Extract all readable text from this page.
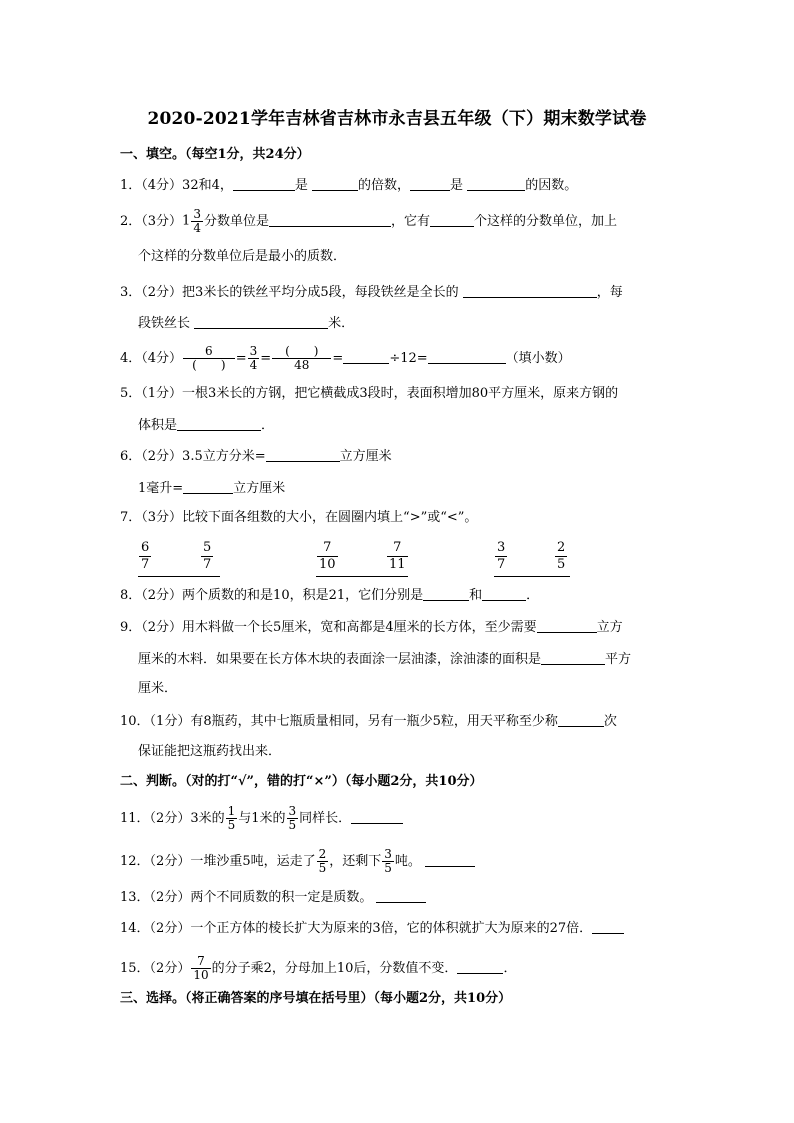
2020-2021学年吉林省吉林市永吉县五年级（下）期末数学试卷
一、填空。（每空1分，共24分）
1．（4分）32和4，	是	的倍数，	是	的因数。
2．（3分）$1 \frac{3}{4}$ 分数单位是	，它有	个这样的分数单位，加上
个这样的分数单位后是最小的质数．
3．（2分）把3米长的铁丝平均分成5段，每段铁丝是全长的	，每
段铁丝长	米．
4．（4分） $\frac{6}{( )} = \frac{3}{4} = \frac{( )}{48}$ =	÷12=	（填小数）
5．（1分）一根3米长的方钢，把它横截成3段时，表面积增加80平方厘米，原来方钢的
体积是	．
6．（2分）3.5立方分米=	立方厘米
1毫升=	立方厘米
7．（3分）比较下面各组数的大小，在圆圈内填上“>”或“<”。
$\frac{6}{7}$	$\frac{5}{7}$	$\frac{7}{10}$	$\frac{7}{11}$	$\frac{3}{7}$	$\frac{2}{5}$
8．（2分）两个质数的和是10，积是21，它们分别是	和	．
9．（2分）用木料做一个长5厘米，宽和高都是4厘米的长方体，至少需要	立方
厘米的木料．如果要在长方体木块的表面涂一层油漆，涂油漆的面积是	平方
厘米．
10．（1分）有8瓶药，其中七瓶质量相同，另有一瓶少5粒，用天平称至少称	次
保证能把这瓶药找出来．
二、判断。（对的打“√”，错的打“×”）（每小题2分，共10分）
11．（2分）3米的 $\frac{1}{5}$ 与1米的 $\frac{3}{5}$ 同样长．
12．（2分）一堆沙重5吨，运走了 $\frac{2}{5}$ ，还剩下 $\frac{3}{5}$ 吨。
13．（2分）两个不同质数的积一定是质数。
14．（2分）一个正方体的棱长扩大为原来的3倍，它的体积就扩大为原来的27倍．
15．（2分） $\frac{7}{10}$ 的分子乘2，分母加上10后，分数值不变．	．
三、选择。（将正确答案的序号填在括号里）（每小题2分，共10分）
